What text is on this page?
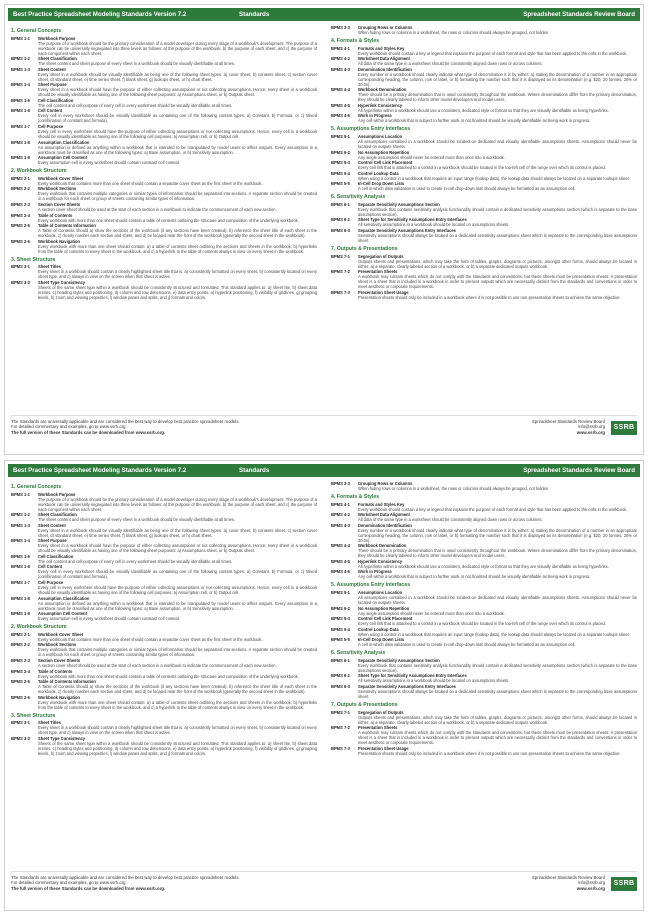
Best Practice Spreadsheet Modeling Standards Version 7.2	Standards	Spreadsheet Standards Review Board
1. General Concepts
BPMS 1-1	Workbook Purpose
The purpose of a workbook should be the primary consideration of a model developer during every stage of a workbook's development. The purpose of a workbook can be universally segregated into three levels as follows: a) the purpose of the workbook, b) the purpose of each sheet, and c) the purpose of each component within each sheet.
BPMS 1-2	Sheet Classification
The sheet content and sheet purpose of every sheet in a workbook should be visually identifiable at all times.
BPMS 1-3	Sheet Content
Every sheet in a workbook should be visually identifiable as being one of the following sheet types: a) cover sheet, b) contents sheet, c) section cover sheet, d) standard sheet, e) time series sheet, f) blank sheet, g) lookups sheet, or h) chart sheet.
BPMS 1-4	Sheet Purpose
Every sheet in a workbook should have the purpose of either collecting assumptions or not collecting assumptions. Hence, every sheet in a workbook should be visually identifiable as having one of the following sheet purposes: a) Assumptions sheet, or b) Outputs sheet.
BPMS 1-5	Cell Classification
The cell content and cell purpose of every cell in every worksheet should be visually identifiable at all times.
BPMS 1-6	Cell Content
Every cell in every worksheet should be visually identifiable as containing one of the following content types: a) Constant, b) Formula, or c) Mixed (combination of constant and formula).
BPMS 1-7	Cell Purpose
Every cell in every worksheet should have the purpose of either collecting assumptions or not collecting assumptions. Hence, every cell in a workbook should be visually identifiable as having one of the following cell purposes: a) Assumption cell, or b) Output cell.
BPMS 1-8	Assumption Classification
An assumption is defined as anything within a workbook that is intended to be manipulated by model users to affect outputs. Every assumption in a workbook must be classified as one of the following types: a) Base assumption, or b) Sensitivity assumption.
BPMS 1-9	Assumption Cell Content
Every assumption cell in every worksheet should contain constant cell content.
2. Workbook Structure
BPMS 2-1	Workbook Cover Sheet
Every workbook that contains more than one sheet should contain a separate cover sheet as the first sheet in the workbook.
BPMS 2-2	Workbook Sections
Every workbook that contains multiple categories or similar types of information should be separated into sections. A separate section should be created in a workbook for each sheet or group of sheets containing similar types of information.
BPMS 2-3	Section Cover Sheets
A section cover sheet should be used at the start of each section in a workbook to indicate the commencement of each new section.
BPMS 2-4	Table of Contents
Every workbook with more than one sheet should contain a table of contents outlining the structure and composition of the underlying workbook.
BPMS 2-5	Table of Contents Information
A Table of Contents should a) show the sections of the workbook (if any sections have been created), b) reference the sheet title of each sheet in the workbook, c) clearly number each section and sheet, and d) be located near the front of the workbook (generally the second sheet in the workbook).
BPMS 2-6	Workbook Navigation
Every workbook with more than one sheet should contain: a) a table of contents sheet outlining the sections and sheets in the workbook, b) hyperlinks from the table of contents to every sheet in the workbook, and c) a hyperlink to the table of contents always in view on every sheet in the workbook.
3. Sheet Structure
BPMS 3-1	Sheet Titles
Every sheet in a workbook should contain a clearly highlighted sheet title that is: a) consistently formatted on every sheet, b) consistently located on every sheet type, and c) always in view on the screen when that sheet is active.
BPMS 3-2	Sheet Type Consistency
Sheets of the same sheet type within a workbook should be consistently structured and formatted. This standard applies to: a) sheet tite, b) sheet data entries, c) heading styles and positioning, d) column and row dimensions, e) data entry points, a) hyperlink positioning, f) visibility of gridlines, g) grouping levels, h) zoom and viewing properties, i) window panes and splits, and j) formats and colors.
BPMS 3-3	Grouping Rows or Columns
When hiding rows or columns in a worksheet, the rows or columns should always be grouped, not hidden.
4. Formats & Styles
BPMS 4-1	Formats and Styles Key
Every workbook should contain a key or legend that explains the purpose of each format and style that has been applied to the cells in the workbook.
BPMS 4-2	Worksheet Data Alignment
All data of the same type in a worksheet should be consistently aligned down rows or across columns.
BPMS 4-3	Denomination Identification
Every number in a workbook should clearly indicate what type of denomination it is by either: a) stating the denomination of a number in an appropriate corresponding heading, the column, row or label, or b) formatting the number such that it is displayed as its denomination (e.g. $20, 20 tonnes, 20% or 20.0x).
BPMS 4-4	Workbook Denomination
There should be a primary denomination that is used consistently throughout the workbook. Where denominations differ from the primary denomination, they should be clearly labeled to inform other model developers and model users.
BPMS 4-5	Hyperlink Consistency
All hyperlinks within a workbook should use a consistent, dedicated style or format so that they are visually identifiable as being hyperlinks.
BPMS 4-6	Work in Progress
Any cell within a workbook that is subject to further work or not finalized should be visually identifiable as being work in progress.
5. Assumptions Entry Interfaces
BPMS 5-1	Assumptions Location
All assumptions contained in a workbook should be located on dedicated and visually identifiable assumptions sheets. Assumptions should never be located on outputs sheets.
BPMS 5-2	No Assumption Repetition
Any single assumption should never be entered more than once into a workbook.
BPMS 5-3	Control Cell Link Placement
Every cell link that is attached to a control in a workbook should be located in the top-left cell of the range over which its control is placed.
BPMS 5-4	Control Lookup Data
When using a control in a workbook that requires an input range (lookup data), the lookup data should always be located on a separate lookups sheet.
BPMS 5-5	In-Cell Drop Down Lists
A cell in which data validation is used to create in-cell drop-down lists should always be formatted as an assumption cell.
6. Sensitivity Analysis
BPMS 6-1	Separate Sensitivity Assumptions Section
Every workbook that contains sensitivity analysis functionality should contain a dedicated sensitivity assumptions section (which is separate to the base assumptions section).
BPMS 6-2	Sheet Type for Sensitivity Assumptions Entry Interfaces
All sensitivity assumptions in a workbook should be located on assumptions sheets.
BPMS 6-3	Separate Sensitivity Assumptions Entry Interfaces
Sensitivity assumptions should always be located on a dedicated sensitivity assumptions sheet which is separate to the corresponding base assumptions sheet.
7. Outputs & Presentations
BPMS 7-1	Segregation of Outputs
Outputs sheets and presentations, which may take the form of tables, graphs, diagrams or pictures, amongst other forms, should always be located in either: a) a separate, clearly labeled section of a workbook, or b) a separate dedicated outputs workbook.
BPMS 7-2	Presentation Sheets
A workbook may contain sheets which do not comply with the standards and conventions, but these sheets must be presentation sheets. A presentation sheet is a sheet that is included in a workbook in order to present outputs which are necessarily distinct from the standards and conventions in order to meet aesthetic or corporate requirements.
BPMS 7-3	Presentation Sheet Usage
Presentation sheets should only be included in a workbook where it is not possible to use non-presentation sheets to achieve the same objective.
The Standards are universally applicable and are considered the best way to develop best practice spreadsheet models.
For detailed commentary and examples, go to www.ssrb.org
The full version of these Standards can be downloaded from www.ssrb.org.
Spreadsheet Standards Review Board
info@ssrb.org
www.ssrb.org
SSRB
Best Practice Spreadsheet Modeling Standards Version 7.2	Standards	Spreadsheet Standards Review Board
1. General Concepts
BPMS 1-1	Workbook Purpose
The purpose of a workbook should be the primary consideration of a model developer during every stage of a workbook's development. The purpose of a workbook can be universally segregated into three levels as follows: a) the purpose of the workbook, b) the purpose of each sheet, and c) the purpose of each component within each sheet.
BPMS 1-2	Sheet Classification
The sheet content and sheet purpose of every sheet in a workbook should be visually identifiable at all times.
BPMS 1-3	Sheet Content
Every sheet in a workbook should be visually identifiable as being one of the following sheet types: a) cover sheet, b) contents sheet, c) section cover sheet, d) standard sheet, e) time series sheet, f) blank sheet, g) lookups sheet, or h) chart sheet.
BPMS 1-4	Sheet Purpose
Every sheet in a workbook should have the purpose of either collecting assumptions or not collecting assumptions. Hence, every sheet in a workbook should be visually identifiable as having one of the following sheet purposes: a) Assumptions sheet, or b) Outputs sheet.
BPMS 1-5	Cell Classification
The cell content and cell purpose of every cell in every worksheet should be visually identifiable at all times.
BPMS 1-6	Cell Content
Every cell in every worksheet should be visually identifiable as containing one of the following content types: a) Constant, b) Formula, or c) Mixed (combination of constant and formula).
BPMS 1-7	Cell Purpose
Every cell in every worksheet should have the purpose of either collecting assumptions or not collecting assumptions. Hence, every cell in a workbook should be visually identifiable as having one of the following cell purposes: a) Assumption cell, or b) Output cell.
BPMS 1-8	Assumption Classification
An assumption is defined as anything within a workbook that is intended to be manipulated by model users to affect outputs. Every assumption in a workbook must be classified as one of the following types: a) Base assumption, or b) Sensitivity assumption.
BPMS 1-9	Assumption Cell Content
Every assumption cell in every worksheet should contain constant cell content.
2. Workbook Structure
BPMS 2-1	Workbook Cover Sheet
Every workbook that contains more than one sheet should contain a separate cover sheet as the first sheet in the workbook.
BPMS 2-2	Workbook Sections
Every workbook that contains multiple categories or similar types of information should be separated into sections. A separate section should be created in a workbook for each sheet or group of sheets containing similar types of information.
BPMS 2-3	Section Cover Sheets
A section cover sheet should be used at the start of each section in a workbook to indicate the commencement of each new section.
BPMS 2-4	Table of Contents
Every workbook with more than one sheet should contain a table of contents outlining the structure and composition of the underlying workbook.
BPMS 2-5	Table of Contents Information
A Table of Contents should a) show the sections of the workbook (if any sections have been created), b) reference the sheet title of each sheet in the workbook, c) clearly number each section and sheet, and d) be located near the front of the workbook (generally the second sheet in the workbook).
BPMS 2-6	Workbook Navigation
Every workbook with more than one sheet should contain: a) a table of contents sheet outlining the sections and sheets in the workbook, b) hyperlinks from the table of contents to every sheet in the workbook, and c) a hyperlink to the table of contents always in view on every sheet in the workbook.
3. Sheet Structure
BPMS 3-1	Sheet Titles
Every sheet in a workbook should contain a clearly highlighted sheet title that is: a) consistently formatted on every sheet, b) consistently located on every sheet type, and c) always in view on the screen when that sheet is active.
BPMS 3-2	Sheet Type Consistency
Sheets of the same sheet type within a workbook should be consistently structured and formatted. This standard applies to: a) sheet tite, b) sheet data entries, c) heading styles and positioning, d) column and row dimensions, e) data entry points, a) hyperlink positioning, f) visibility of gridlines, g) grouping levels, h) zoom and viewing properties, i) window panes and splits, and j) formats and colors.
BPMS 3-3	Grouping Rows or Columns
When hiding rows or columns in a worksheet, the rows or columns should always be grouped, not hidden.
4. Formats & Styles
BPMS 4-1	Formats and Styles Key
Every workbook should contain a key or legend that explains the purpose of each format and style that has been applied to the cells in the workbook.
BPMS 4-2	Worksheet Data Alignment
All data of the same type in a worksheet should be consistently aligned down rows or across columns.
BPMS 4-3	Denomination Identification
Every number in a workbook should clearly indicate what type of denomination it is by either: a) stating the denomination of a number in an appropriate corresponding heading, the column, row or label, or b) formatting the number such that it is displayed as its denomination (e.g. $20, 20 tonnes, 20% or 20.0x).
BPMS 4-4	Workbook Denomination
There should be a primary denomination that is used consistently throughout the workbook. Where denominations differ from the primary denomination, they should be clearly labeled to inform other model developers and model users.
BPMS 4-5	Hyperlink Consistency
All hyperlinks within a workbook should use a consistent, dedicated style or format so that they are visually identifiable as being hyperlinks.
BPMS 4-6	Work in Progress
Any cell within a workbook that is subject to further work or not finalized should be visually identifiable as being work in progress.
5. Assumptions Entry Interfaces
BPMS 5-1	Assumptions Location
All assumptions contained in a workbook should be located on dedicated and visually identifiable assumptions sheets. Assumptions should never be located on outputs sheets.
BPMS 5-2	No Assumption Repetition
Any single assumption should never be entered more than once into a workbook.
BPMS 5-3	Control Cell Link Placement
Every cell link that is attached to a control in a workbook should be located in the top-left cell of the range over which its control is placed.
BPMS 5-4	Control Lookup Data
When using a control in a workbook that requires an input range (lookup data), the lookup data should always be located on a separate lookups sheet.
BPMS 5-5	In-Cell Drop Down Lists
A cell in which data validation is used to create in-cell drop-down lists should always be formatted as an assumption cell.
6. Sensitivity Analysis
BPMS 6-1	Separate Sensitivity Assumptions Section
Every workbook that contains sensitivity analysis functionality should contain a dedicated sensitivity assumptions section (which is separate to the base assumptions section).
BPMS 6-2	Sheet Type for Sensitivity Assumptions Entry Interfaces
All sensitivity assumptions in a workbook should be located on assumptions sheets.
BPMS 6-3	Separate Sensitivity Assumptions Entry Interfaces
Sensitivity assumptions should always be located on a dedicated sensitivity assumptions sheet which is separate to the corresponding base assumptions sheet.
7. Outputs & Presentations
BPMS 7-1	Segregation of Outputs
Outputs sheets and presentations, which may take the form of tables, graphs, diagrams or pictures, amongst other forms, should always be located in either: a) a separate, clearly labeled section of a workbook, or b) a separate dedicated outputs workbook.
BPMS 7-2	Presentation Sheets
A workbook may contain sheets which do not comply with the standards and conventions, but these sheets must be presentation sheets. A presentation sheet is a sheet that is included in a workbook in order to present outputs which are necessarily distinct from the standards and conventions in order to meet aesthetic or corporate requirements.
BPMS 7-3	Presentation Sheet Usage
Presentation sheets should only be included in a workbook where it is not possible to use non-presentation sheets to achieve the same objective.
The Standards are universally applicable and are considered the best way to develop best practice spreadsheet models.
For detailed commentary and examples, go to www.ssrb.org
The full version of these Standards can be downloaded from www.ssrb.org.
Spreadsheet Standards Review Board
info@ssrb.org
www.ssrb.org
SSRB
